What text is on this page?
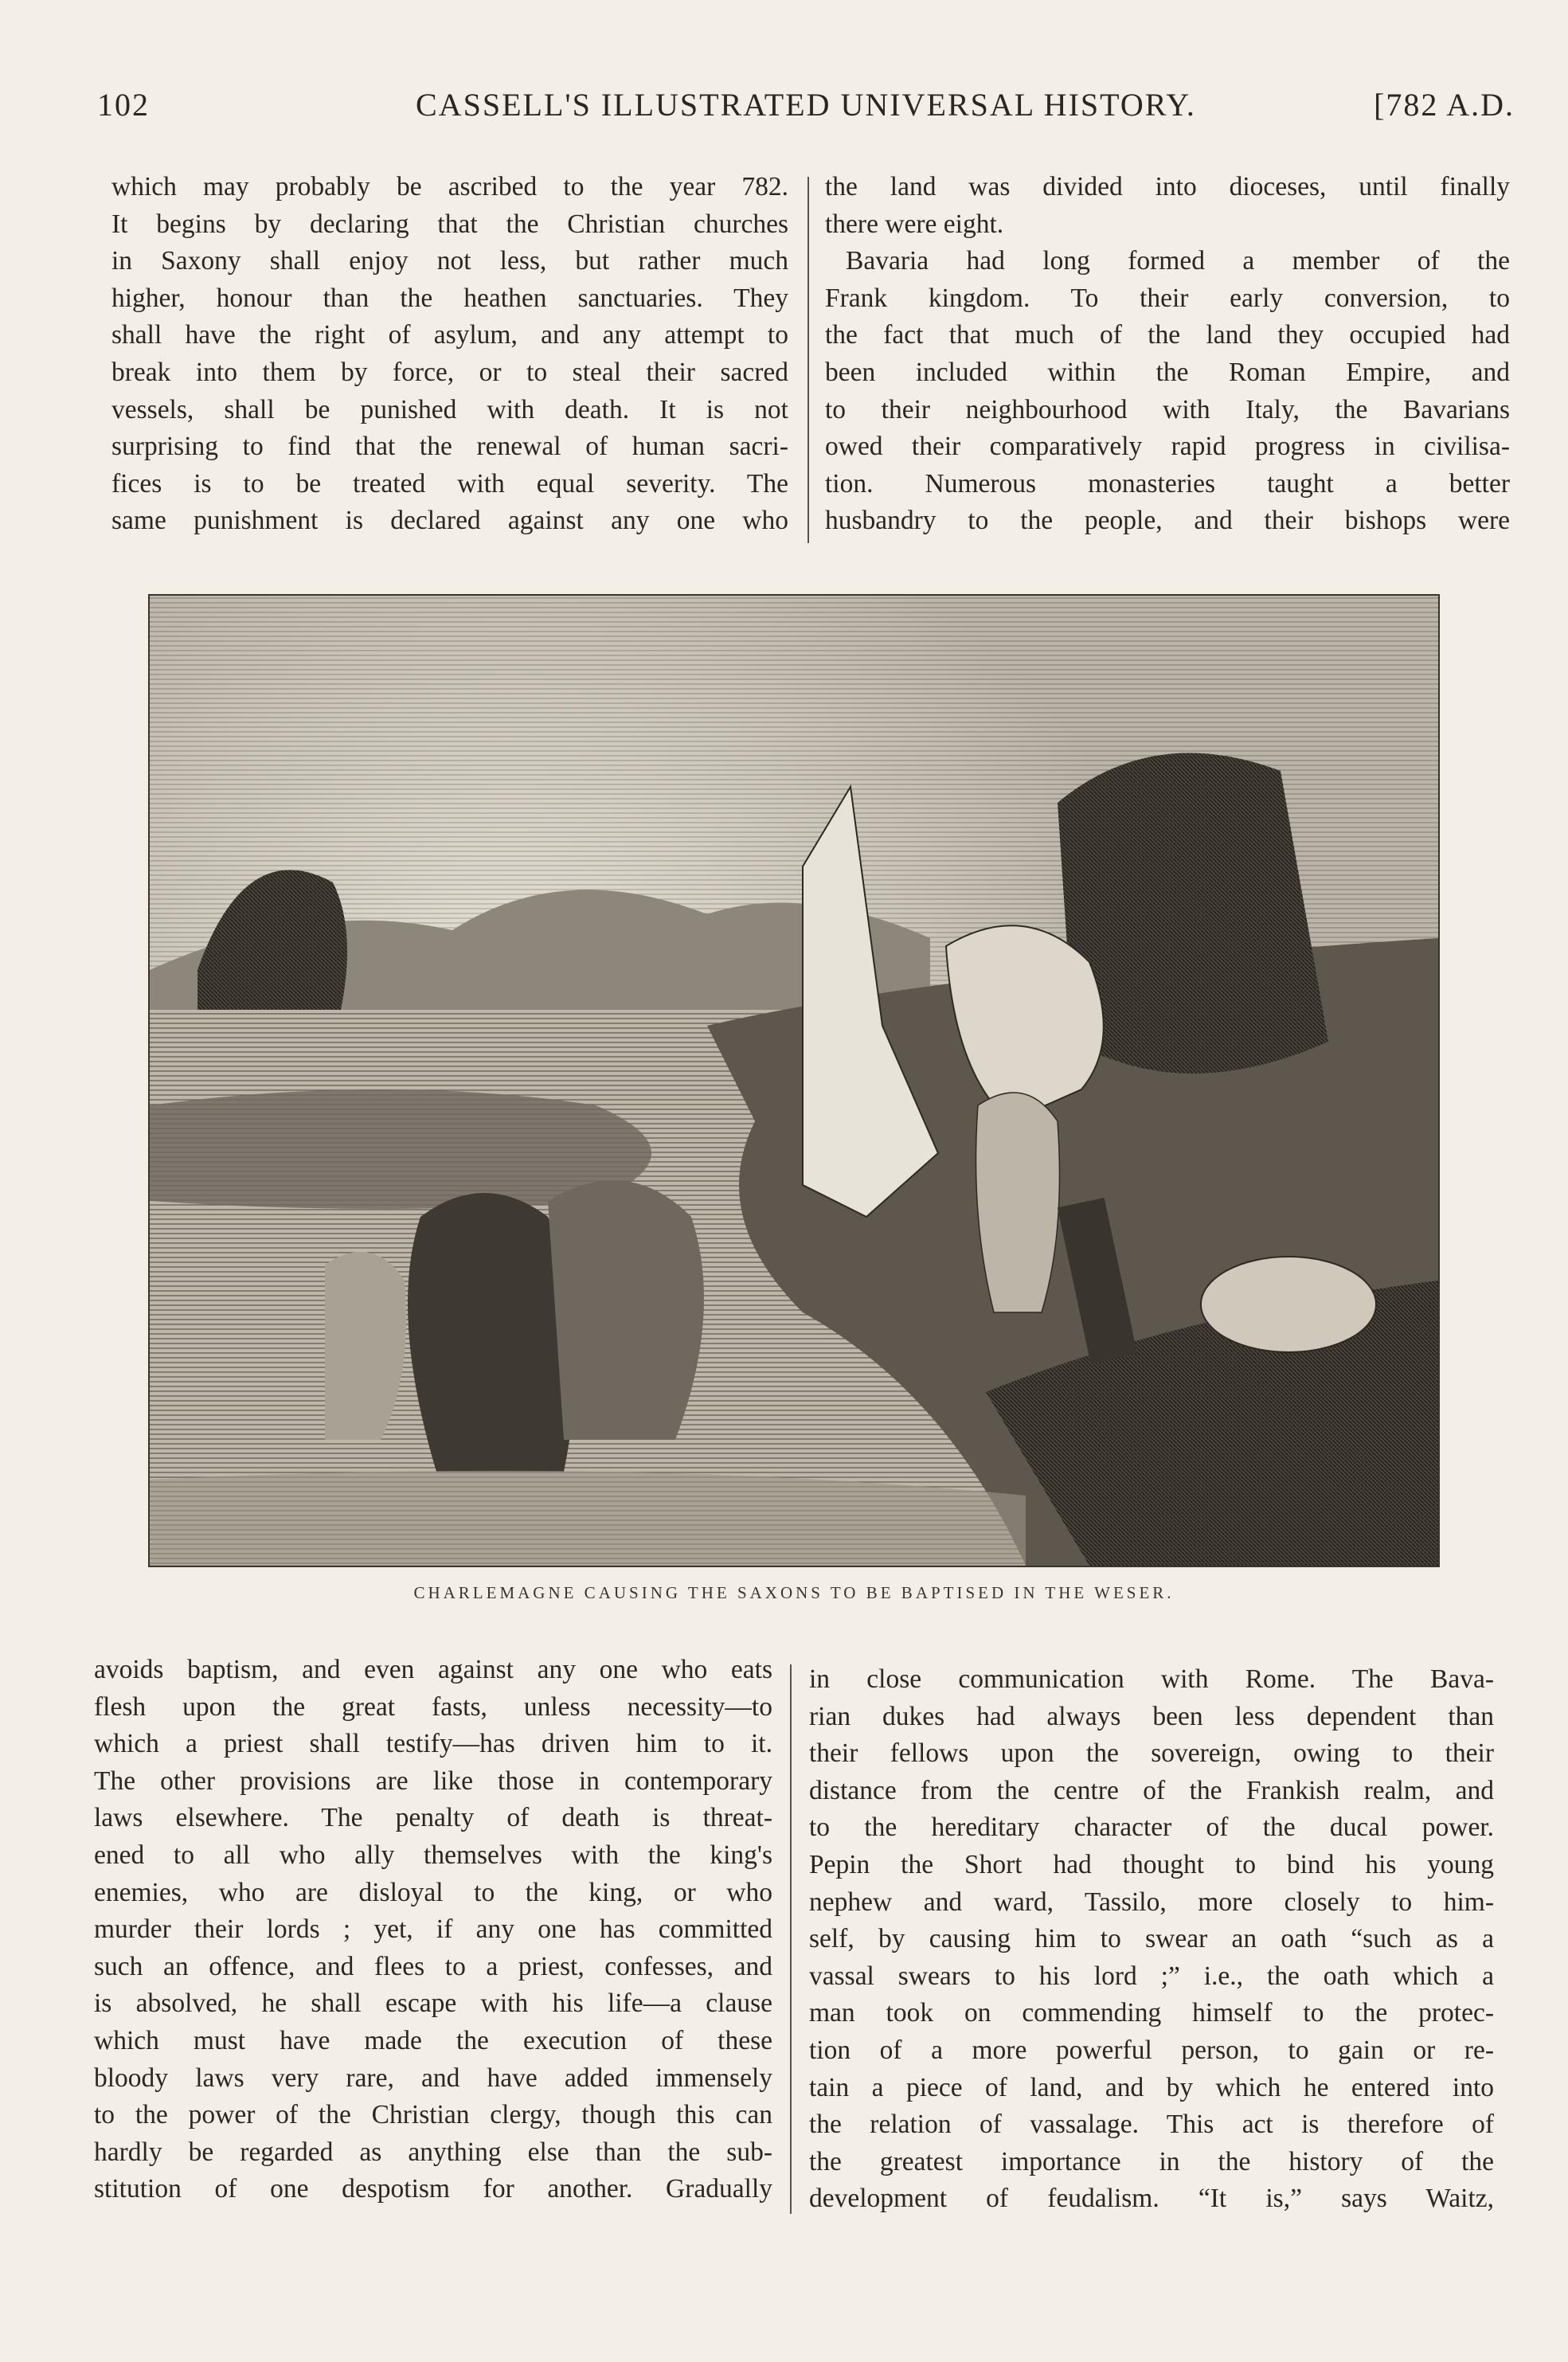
102	CASSELL'S ILLUSTRATED UNIVERSAL HISTORY.	[782 A.D.
which may probably be ascribed to the year 782.
It begins by declaring that the Christian churches
in Saxony shall enjoy not less, but rather much
higher, honour than the heathen sanctuaries. They
shall have the right of asylum, and any attempt to
break into them by force, or to steal their sacred
vessels, shall be punished with death. It is not
surprising to find that the renewal of human sacri-
fices is to be treated with equal severity. The
same punishment is declared against any one who
the land was divided into dioceses, until finally
there were eight.
Bavaria had long formed a member of the
Frank kingdom. To their early conversion, to
the fact that much of the land they occupied had
been included within the Roman Empire, and
to their neighbourhood with Italy, the Bavarians
owed their comparatively rapid progress in civilisa-
tion. Numerous monasteries taught a better
husbandry to the people, and their bishops were
CHARLEMAGNE CAUSING THE SAXONS TO BE BAPTISED IN THE WESER.
avoids baptism, and even against any one who eats
flesh upon the great fasts, unless necessity—to
which a priest shall testify—has driven him to it.
The other provisions are like those in contemporary
laws elsewhere. The penalty of death is threat-
ened to all who ally themselves with the king's
enemies, who are disloyal to the king, or who
murder their lords ; yet, if any one has committed
such an offence, and flees to a priest, confesses, and
is absolved, he shall escape with his life—a clause
which must have made the execution of these
bloody laws very rare, and have added immensely
to the power of the Christian clergy, though this can
hardly be regarded as anything else than the sub-
stitution of one despotism for another. Gradually
in close communication with Rome. The Bava-
rian dukes had always been less dependent than
their fellows upon the sovereign, owing to their
distance from the centre of the Frankish realm, and
to the hereditary character of the ducal power.
Pepin the Short had thought to bind his young
nephew and ward, Tassilo, more closely to him-
self, by causing him to swear an oath “such as a
vassal swears to his lord ;” i.e., the oath which a
man took on commending himself to the protec-
tion of a more powerful person, to gain or re-
tain a piece of land, and by which he entered into
the relation of vassalage. This act is therefore of
the greatest importance in the history of the
development of feudalism. “It is,” says Waitz,
